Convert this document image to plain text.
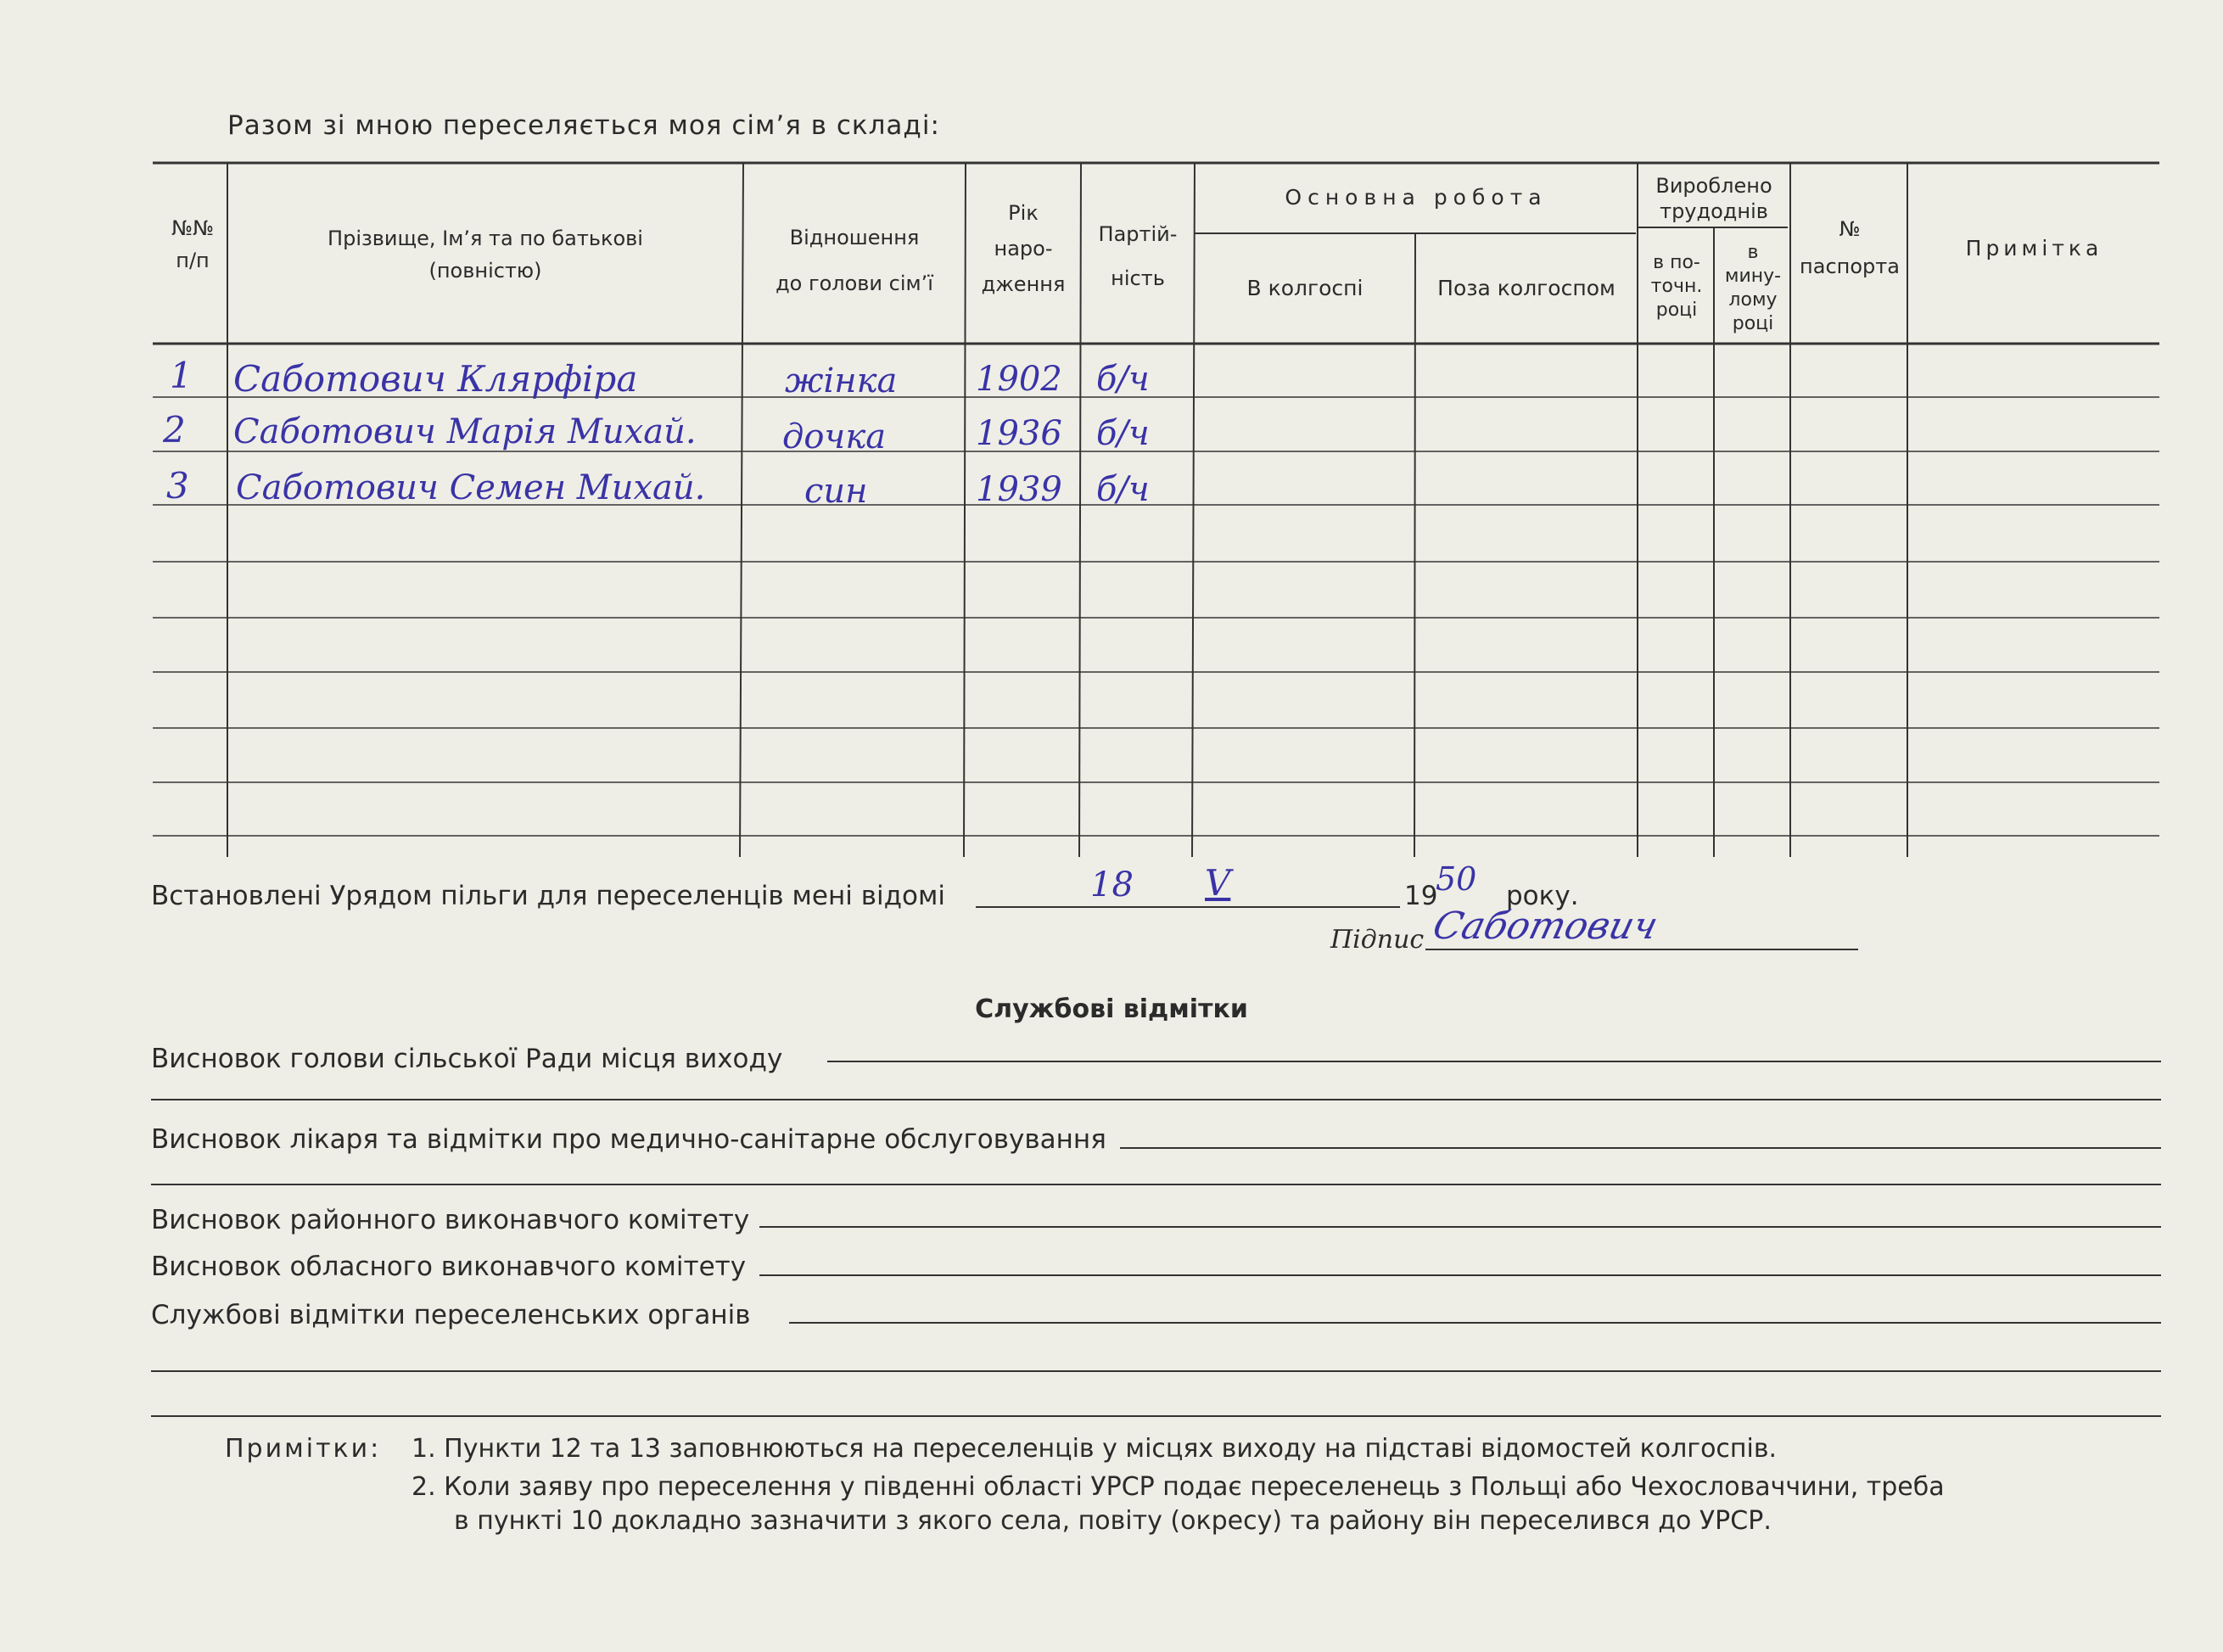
Разом зі мною переселяється моя сім’я в складі:
№№
п/п
Прізвище, Ім’я та по батькові
(повністю)
Відношення
до голови сім’ї
Рік
наро-
дження
Партій-
ність
Основна робота
В колгоспі	Поза колгоспом
Вироблено
трудоднів
в по-
точн.
році
в
мину-
лому
році
№
паспорта
Примітка
1 Саботович Клярфіра	жінка 1902 б/ч
2 Саботович Марія Михай.	дочка	1936 б/ч
3 Саботович Семен Михай.	син	1939 б/ч
Встановлені Урядом пільги для переселенців мені відомі	18 V	19
50 року.
Підпис Саботович
Службові відмітки
Висновок голови сільської Ради місця виходу
Висновок лікаря та відмітки про медично-санітарне обслуговування
Висновок районного виконавчого комітету
Висновок обласного виконавчого комітету
Службові відмітки переселенських органів
Примітки: 1. Пункти 12 та 13 заповнюються на переселенців у місцях виходу на підставі відомостей колгоспів.
2. Коли заяву про переселення у південні області УРСР подає переселенець з Польщі або Чехословаччини, треба
в пункті 10 докладно зазначити з якого села, повіту (окресу) та району він переселився до УРСР.
